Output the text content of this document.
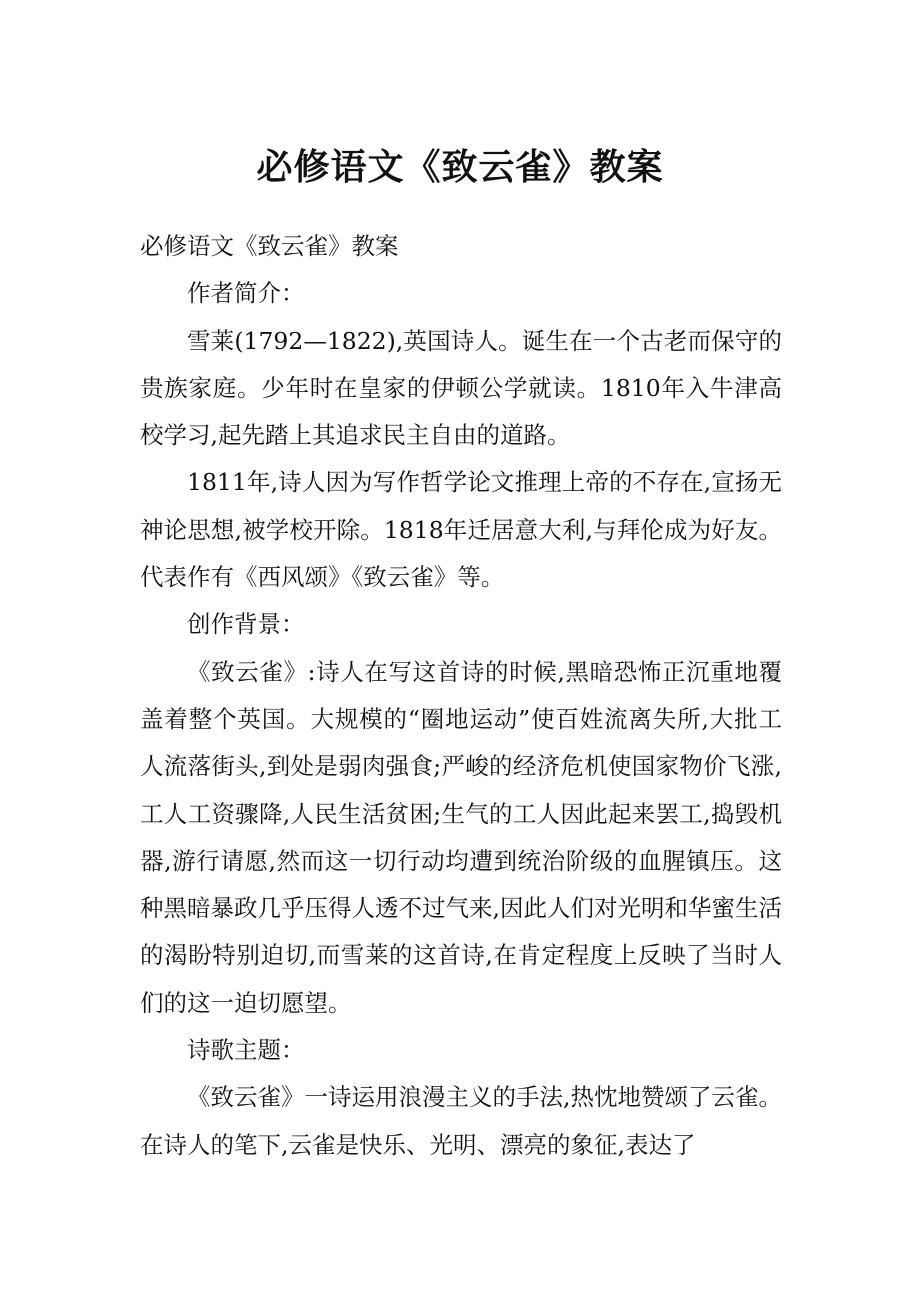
必修语文《致云雀》教案

必修语文《致云雀》教案

作者简介：

雪莱(1792—1822),英国诗人。诞生在一个古老而保守的贵族家庭。少年时在皇家的伊顿公学就读。1810年入牛津高校学习,起先踏上其追求民主自由的道路。

1811年,诗人因为写作哲学论文推理上帝的不存在,宣扬无神论思想,被学校开除。1818年迁居意大利,与拜伦成为好友。代表作有《西风颂》《致云雀》等。

创作背景：

《致云雀》:诗人在写这首诗的时候,黑暗恐怖正沉重地覆盖着整个英国。大规模的“圈地运动”使百姓流离失所,大批工人流落街头,到处是弱肉强食;严峻的经济危机使国家物价飞涨,工人工资骤降,人民生活贫困;生气的工人因此起来罢工,捣毁机器,游行请愿,然而这一切行动均遭到统治阶级的血腥镇压。这种黑暗暴政几乎压得人透不过气来,因此人们对光明和华蜜生活的渴盼特别迫切,而雪莱的这首诗,在肯定程度上反映了当时人们的这一迫切愿望。

诗歌主题：

《致云雀》一诗运用浪漫主义的手法,热忱地赞颂了云雀。在诗人的笔下,云雀是快乐、光明、漂亮的象征,表达了
